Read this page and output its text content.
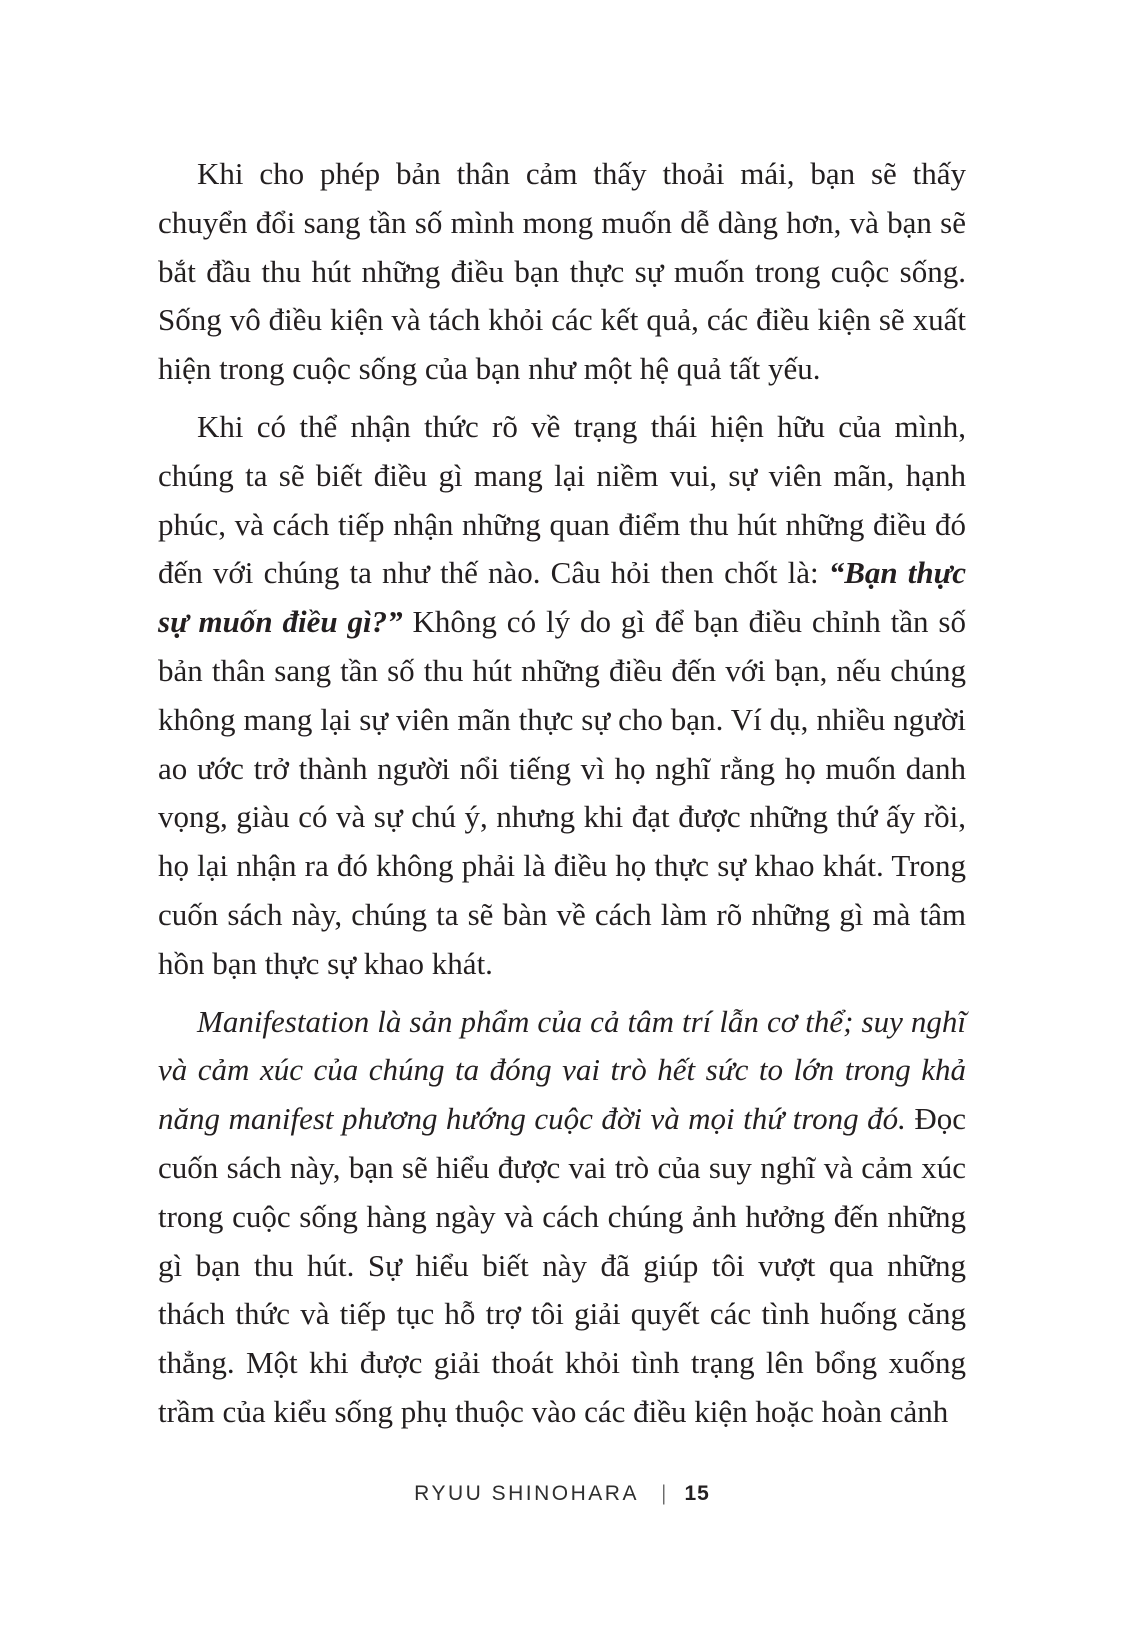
Khi cho phép bản thân cảm thấy thoải mái, bạn sẽ thấy chuyển đổi sang tần số mình mong muốn dễ dàng hơn, và bạn sẽ bắt đầu thu hút những điều bạn thực sự muốn trong cuộc sống. Sống vô điều kiện và tách khỏi các kết quả, các điều kiện sẽ xuất hiện trong cuộc sống của bạn như một hệ quả tất yếu.

Khi có thể nhận thức rõ về trạng thái hiện hữu của mình, chúng ta sẽ biết điều gì mang lại niềm vui, sự viên mãn, hạnh phúc, và cách tiếp nhận những quan điểm thu hút những điều đó đến với chúng ta như thế nào. Câu hỏi then chốt là: “Bạn thực sự muốn điều gì?” Không có lý do gì để bạn điều chỉnh tần số bản thân sang tần số thu hút những điều đến với bạn, nếu chúng không mang lại sự viên mãn thực sự cho bạn. Ví dụ, nhiều người ao ước trở thành người nổi tiếng vì họ nghĩ rằng họ muốn danh vọng, giàu có và sự chú ý, nhưng khi đạt được những thứ ấy rồi, họ lại nhận ra đó không phải là điều họ thực sự khao khát. Trong cuốn sách này, chúng ta sẽ bàn về cách làm rõ những gì mà tâm hồn bạn thực sự khao khát.

Manifestation là sản phẩm của cả tâm trí lẫn cơ thể; suy nghĩ và cảm xúc của chúng ta đóng vai trò hết sức to lớn trong khả năng manifest phương hướng cuộc đời và mọi thứ trong đó. Đọc cuốn sách này, bạn sẽ hiểu được vai trò của suy nghĩ và cảm xúc trong cuộc sống hàng ngày và cách chúng ảnh hưởng đến những gì bạn thu hút. Sự hiểu biết này đã giúp tôi vượt qua những thách thức và tiếp tục hỗ trợ tôi giải quyết các tình huống căng thẳng. Một khi được giải thoát khỏi tình trạng lên bổng xuống trầm của kiểu sống phụ thuộc vào các điều kiện hoặc hoàn cảnh

RYUU SHINOHARA | 15
